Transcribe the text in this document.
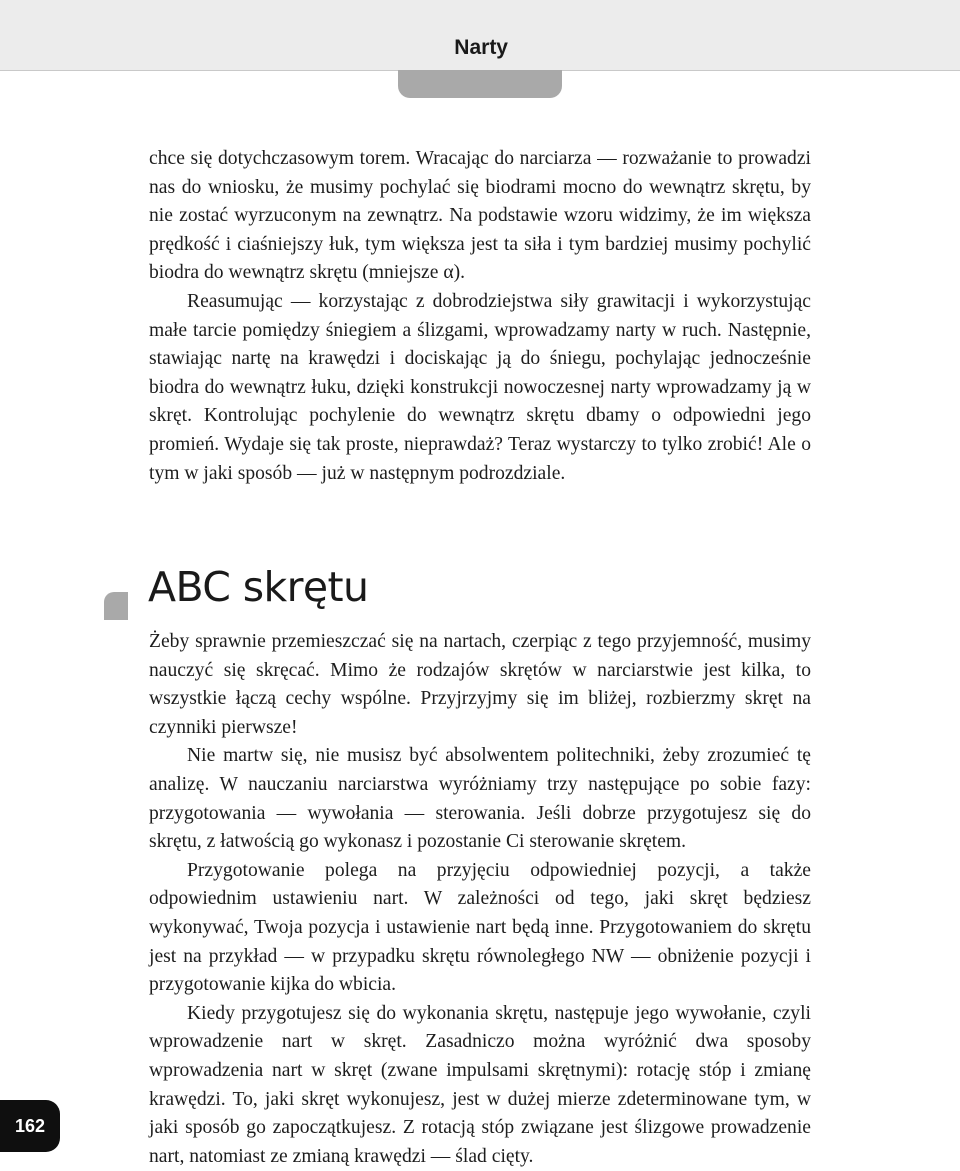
Narty

chce się dotychczasowym torem. Wracając do narciarza — rozważanie to prowadzi nas do wniosku, że musimy pochylać się biodrami mocno do wewnątrz skrętu, by nie zostać wyrzuconym na zewnątrz. Na podstawie wzoru widzimy, że im większa prędkość i ciaśniejszy łuk, tym większa jest ta siła i tym bardziej musimy pochylić biodra do wewnątrz skrętu (mniejsze α).

Reasumując — korzystając z dobrodziejstwa siły grawitacji i wykorzystując małe tarcie pomiędzy śniegiem a ślizgami, wprowadzamy narty w ruch. Następnie, stawiając nartę na krawędzi i dociskając ją do śniegu, pochylając jednocześnie biodra do wewnątrz łuku, dzięki konstrukcji nowoczesnej narty wprowadzamy ją w skręt. Kontrolując pochylenie do wewnątrz skrętu dbamy o odpowiedni jego promień. Wydaje się tak proste, nieprawdaż? Teraz wystarczy to tylko zrobić! Ale o tym w jaki sposób — już w następnym podrozdziale.

ABC skrętu

Żeby sprawnie przemieszczać się na nartach, czerpiąc z tego przyjemność, musimy nauczyć się skręcać. Mimo że rodzajów skrętów w narciarstwie jest kilka, to wszystkie łączą cechy wspólne. Przyjrzyjmy się im bliżej, rozbierzmy skręt na czynniki pierwsze!

Nie martw się, nie musisz być absolwentem politechniki, żeby zrozumieć tę analizę. W nauczaniu narciarstwa wyróżniamy trzy następujące po sobie fazy: przygotowania — wywołania — sterowania. Jeśli dobrze przygotujesz się do skrętu, z łatwością go wykonasz i pozostanie Ci sterowanie skrętem.

Przygotowanie polega na przyjęciu odpowiedniej pozycji, a także odpowiednim ustawieniu nart. W zależności od tego, jaki skręt będziesz wykonywać, Twoja pozycja i ustawienie nart będą inne. Przygotowaniem do skrętu jest na przykład — w przypadku skrętu równoległego NW — obniżenie pozycji i przygotowanie kijka do wbicia.

Kiedy przygotujesz się do wykonania skrętu, następuje jego wywołanie, czyli wprowadzenie nart w skręt. Zasadniczo można wyróżnić dwa sposoby wprowadzenia nart w skręt (zwane impulsami skrętnymi): rotację stóp i zmianę krawędzi. To, jaki skręt wykonujesz, jest w dużej mierze zdeterminowane tym, w jaki sposób go zapoczątkujesz. Z rotacją stóp związane jest ślizgowe prowadzenie nart, natomiast ze zmianą krawędzi — ślad cięty.

162
